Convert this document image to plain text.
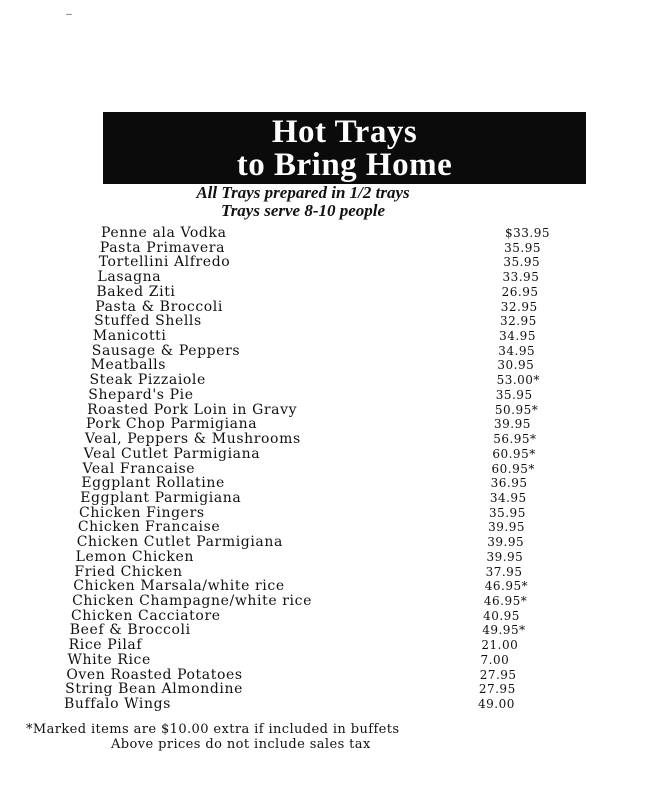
--
Hot Trays
to Bring Home
All Trays prepared in 1/2 trays
Trays serve 8-10 people
Penne ala Vodka	$33.95
Pasta Primavera	35.95
Tortellini Alfredo	35.95
Lasagna	33.95
Baked Ziti	26.95
Pasta & Broccoli	32.95
Stuffed Shells	32.95
Manicotti	34.95
Sausage & Peppers	34.95
Meatballs	30.95
Steak Pizzaiole	53.00*
Shepard's Pie	35.95
Roasted Pork Loin in Gravy	50.95*
Pork Chop Parmigiana	39.95
Veal, Peppers & Mushrooms	56.95*
Veal Cutlet Parmigiana	60.95*
Veal Francaise	60.95*
Eggplant Rollatine	36.95
Eggplant Parmigiana	34.95
Chicken Fingers	35.95
Chicken Francaise	39.95
Chicken Cutlet Parmigiana	39.95
Lemon Chicken	39.95
Fried Chicken	37.95
Chicken Marsala/white rice	46.95*
Chicken Champagne/white rice	46.95*
Chicken Cacciatore	40.95
Beef & Broccoli	49.95*
Rice Pilaf	21.00
White Rice	7.00
Oven Roasted Potatoes	27.95
String Bean Almondine	27.95
Buffalo Wings	49.00
*Marked items are $10.00 extra if included in buffets
Above prices do not include sales tax
